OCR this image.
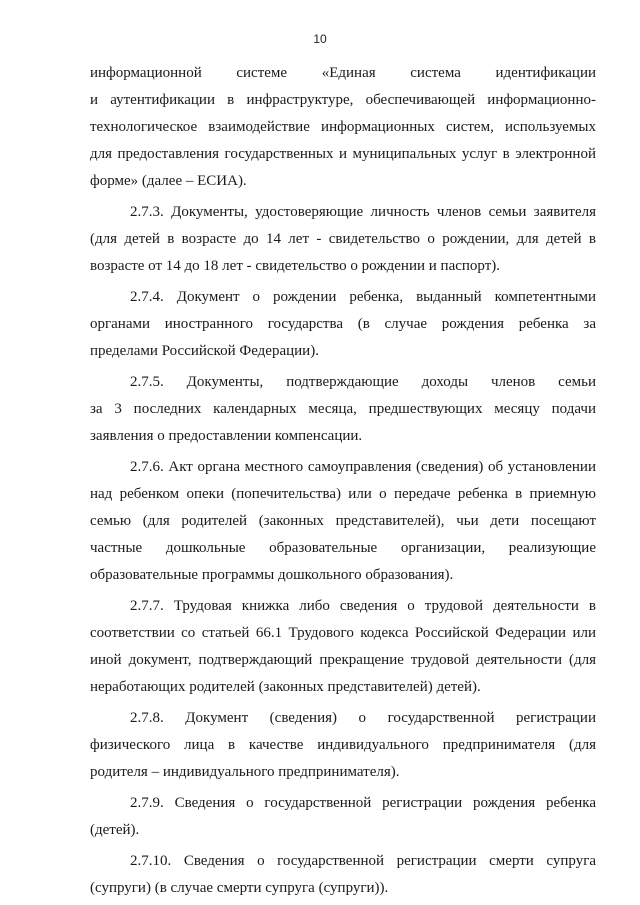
10
информационной системе «Единая система идентификации
и аутентификации в инфраструктуре, обеспечивающей информационно-
технологическое взаимодействие информационных систем, используемых
для предоставления государственных и муниципальных услуг в электронной
форме» (далее – ЕСИА).
2.7.3. Документы, удостоверяющие личность членов семьи заявителя
(для детей в возрасте до 14 лет - свидетельство о рождении, для детей в
возрасте от 14 до 18 лет - свидетельство о рождении и паспорт).
2.7.4. Документ о рождении ребенка, выданный компетентными
органами иностранного государства (в случае рождения ребенка за
пределами Российской Федерации).
2.7.5. Документы, подтверждающие доходы членов семьи
за 3 последних календарных месяца, предшествующих месяцу подачи
заявления о предоставлении компенсации.
2.7.6. Акт органа местного самоуправления (сведения) об установлении
над ребенком опеки (попечительства) или о передаче ребенка в приемную
семью (для родителей (законных представителей), чьи дети посещают
частные дошкольные образовательные организации, реализующие
образовательные программы дошкольного образования).
2.7.7. Трудовая книжка либо сведения о трудовой деятельности в
соответствии со статьей 66.1 Трудового кодекса Российской Федерации или
иной документ, подтверждающий прекращение трудовой деятельности (для
неработающих родителей (законных представителей) детей).
2.7.8. Документ (сведения) о государственной регистрации
физического лица в качестве индивидуального предпринимателя (для
родителя – индивидуального предпринимателя).
2.7.9. Сведения о государственной регистрации рождения ребенка
(детей).
2.7.10. Сведения о государственной регистрации смерти супруга
(супруги) (в случае смерти супруга (супруги)).
